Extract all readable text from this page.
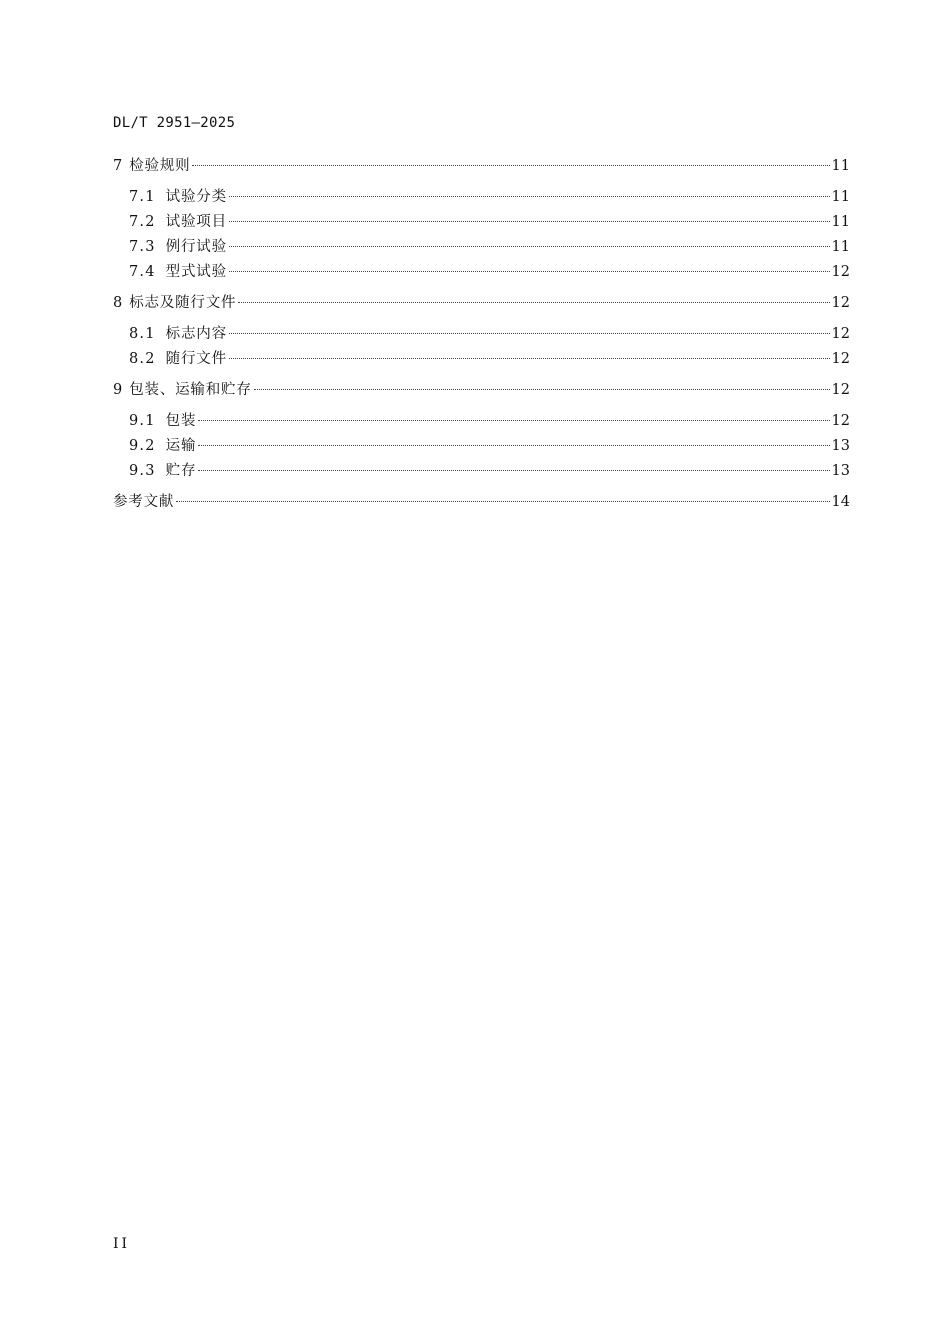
DL/T 2951—2025
7 检验规则	11
7.1 试验分类	11
7.2 试验项目	11
7.3 例行试验	11
7.4 型式试验	12
8 标志及随行文件	12
8.1 标志内容	12
8.2 随行文件	12
9 包装、运输和贮存	12
9.1 包装	12
9.2 运输	13
9.3 贮存	13
参考文献	14
II
